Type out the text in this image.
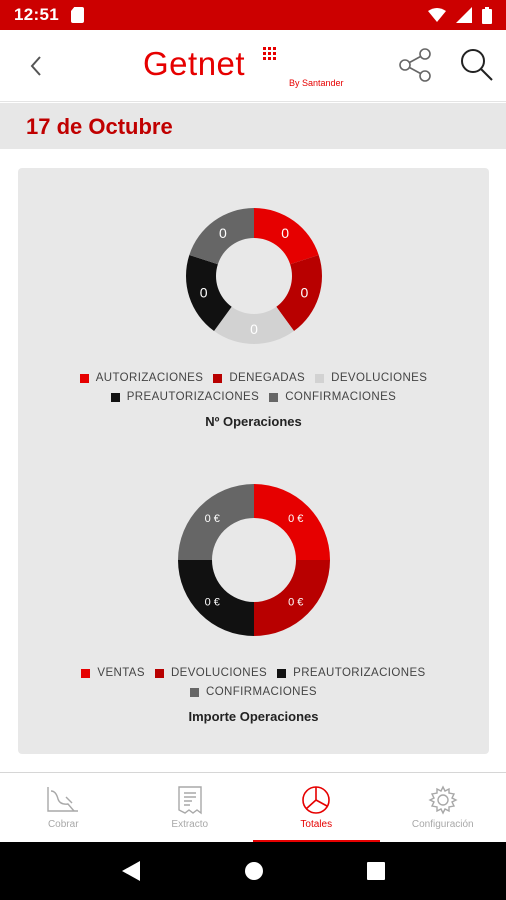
12:51
Getnet
By Santander
17 de Octubre
0
0
0
0
0
AUTORIZACIONES DENEGADAS DEVOLUCIONES
PREAUTORIZACIONES CONFIRMACIONES
Nº Operaciones
0 €
0 €
0 €
0 €
VENTAS DEVOLUCIONES PREAUTORIZACIONES
CONFIRMACIONES
Importe Operaciones
Cobrar	Extracto	Totales	Configuración
